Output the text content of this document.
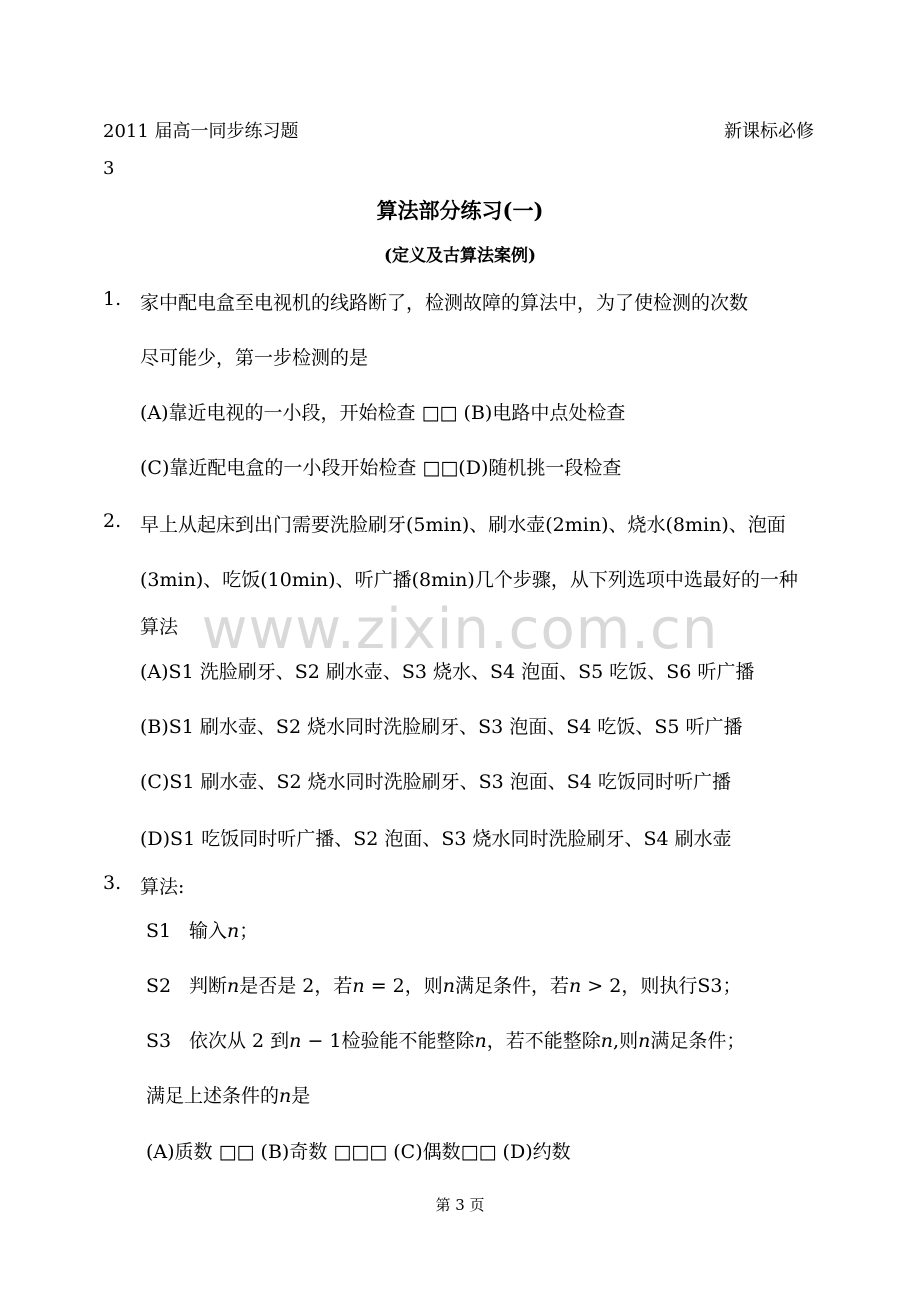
2011 届高一同步练习题	新课标必修
3
算法部分练习(一)
(定义及古算法案例)
www.zixin.com.cn
1. 家中配电盒至电视机的线路断了，检测故障的算法中，为了使检测的次数
尽可能少，第一步检测的是
(A)靠近电视的一小段，开始检查 □□ (B)电路中点处检查
(C)靠近配电盒的一小段开始检查 □□(D)随机挑一段检查
2. 早上从起床到出门需要洗脸刷牙(5min)、刷水壶(2min)、烧水(8min)、泡面
(3min)、吃饭(10min)、听广播(8min)几个步骤，从下列选项中选最好的一种
算法
(A)S1 洗脸刷牙、S2 刷水壶、S3 烧水、S4 泡面、S5 吃饭、S6 听广播
(B)S1 刷水壶、S2 烧水同时洗脸刷牙、S3 泡面、S4 吃饭、S5 听广播
(C)S1 刷水壶、S2 烧水同时洗脸刷牙、S3 泡面、S4 吃饭同时听广播
(D)S1 吃饭同时听广播、S2 泡面、S3 烧水同时洗脸刷牙、S4 刷水壶
3. 算法:
S1 输入n；
S2 判断n是否是 2，若n = 2，则n满足条件，若n > 2，则执行S3；
S3 依次从 2 到n − 1检验能不能整除n，若不能整除n,则n满足条件；
满足上述条件的n是
(A)质数 □□ (B)奇数 □□□ (C)偶数□□ (D)约数
第 3 页
